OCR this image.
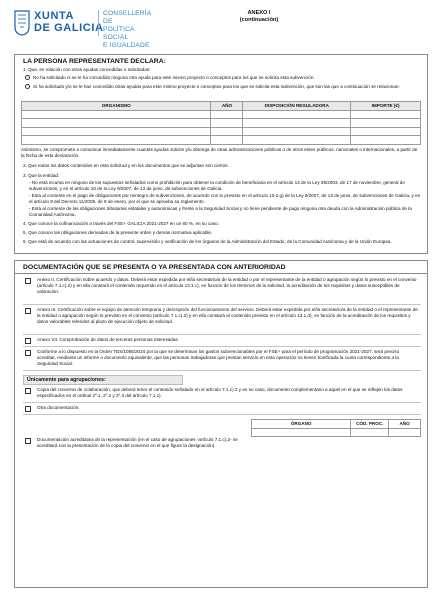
XUNTA
DE GALICIA
CONSELLERÍA DE
POLÍTICA SOCIAL
E IGUALDADE
ANEXO I
(continuación)
LA PERSONA REPRESENTANTE DECLARA:
1. Que, en relación con otras ayudas concedidas o solicitadas:
No ha solicitado ni se le ha concedido ninguna otra ayuda para este mismo proyecto o conceptos para los que se solicita esta subvención.
Sí ha solicitado y/o se le han concedido otras ayudas para este mismo proyecto o conceptos para los que se solicita esta subvención, que son las que a continuación se relacionan:
ORGANISMO	AÑO	DISPOSICIÓN REGULADORA	IMPORTE (€)

Asimismo, se compromete a comunicar inmediatamente cuantas ayudas solicite y/u obtenga de otras administraciones públicas o de otros entes públicos, nacionales o internacionales, a partir de la fecha de esta declaración.
2. Que todos los datos contenidos en esta solicitud y en los documentos que se adjuntan son ciertos.
3. Que la entidad:
- No está incursa en ninguno de los supuestos señalados como prohibición para obtener la condición de beneficiaria en el artículo 13 de la Ley 38/2003, de 17 de noviembre, general de subvenciones, y en el artículo 10 de la Ley 9/2007, de 13 de junio, de subvenciones de Galicia.
- Está al corriente en el pago de obligaciones por reintegro de subvenciones, de acuerdo con lo previsto en el artículo 10.2.g) de la Ley 9/2007, de 13 de junio, de subvenciones de Galicia, y en el artículo 9 del Decreto 11/2009, de 8 de enero, por el que se aprueba su reglamento.
- Está al corriente de las obligaciones tributarias estatales y autonómicas y frente a la Seguridad Social y no tiene pendiente de pago ninguna otra deuda con la Administración pública de la Comunidad Autónoma.
4. Que conoce la cofinanciación a través del FSE+ GALICIA 2021-2027 en un 60 %, en su caso.
5. Que conoce las obligaciones derivadas de la presente orden y demás normativa aplicable.
6. Que está de acuerdo con las actuaciones de control, supervisión y verificación de los órganos de la Administración del Estado, de la Comunidad Autónoma y de la Unión Europea.
DOCUMENTACIÓN QUE SE PRESENTA O YA PRESENTADA CON ANTERIORIDAD
Anexo II. Certificación sobre acuerdo y datos. Deberá estar expedida por el/la secretario/a de la entidad o por el representante de la entidad o agrupación según lo previsto en el convenio (artículo 7.1.c).2) y en ella constará el contenido requerido en el artículo 13.1.c), en función de los términos de la solicitud, la acreditación de los requisitos y datos susceptibles de valoración.
Anexo III. Certificación sobre el equipo de atención temprana y descripción del funcionamiento del servicio. Deberá estar expedida por el/la secretario/a de la entidad o el representante de la entidad o agrupación según lo previsto en el convenio (artículo 7.1.c).2) y en ella constará el contenido previsto en el artículo 13.1.d), en función de la acreditación de los requisitos y datos valorables referidos al plazo de ejecución objeto de solicitud.
Anexo VII. Comprobación de datos de terceras personas interesadas.
Conforme a lo dispuesto en la Orden TES/1085/2024 por la que se determinan los gastos subvencionables por el FSE+ para el período de programación 2021-2027, será preciso acreditar, mediante un informe o documento equivalente, que las personas trabajadoras que prestan servicio en esta operación no tienen bonificada la cuota correspondiente a la Seguridad Social.
Únicamente para agrupaciones:
Copia del convenio de colaboración, que deberá tener el contenido señalado en el artículo 7.1.c).2 y en su caso, documento complementario a aquel en el que se reflejen los datos especificados en el ordinal 2º.1, 2º.2 y 2º.3 del artículo 7.1.c).
Otra documentación.
ÓRGANO	CÓD. PROC.	AÑO

Documentación acreditativa de la representación (en el caso de agrupaciones -artículo 7.1.c).2- se acreditará con la presentación de la copia del convenio en el que figure la designación).
